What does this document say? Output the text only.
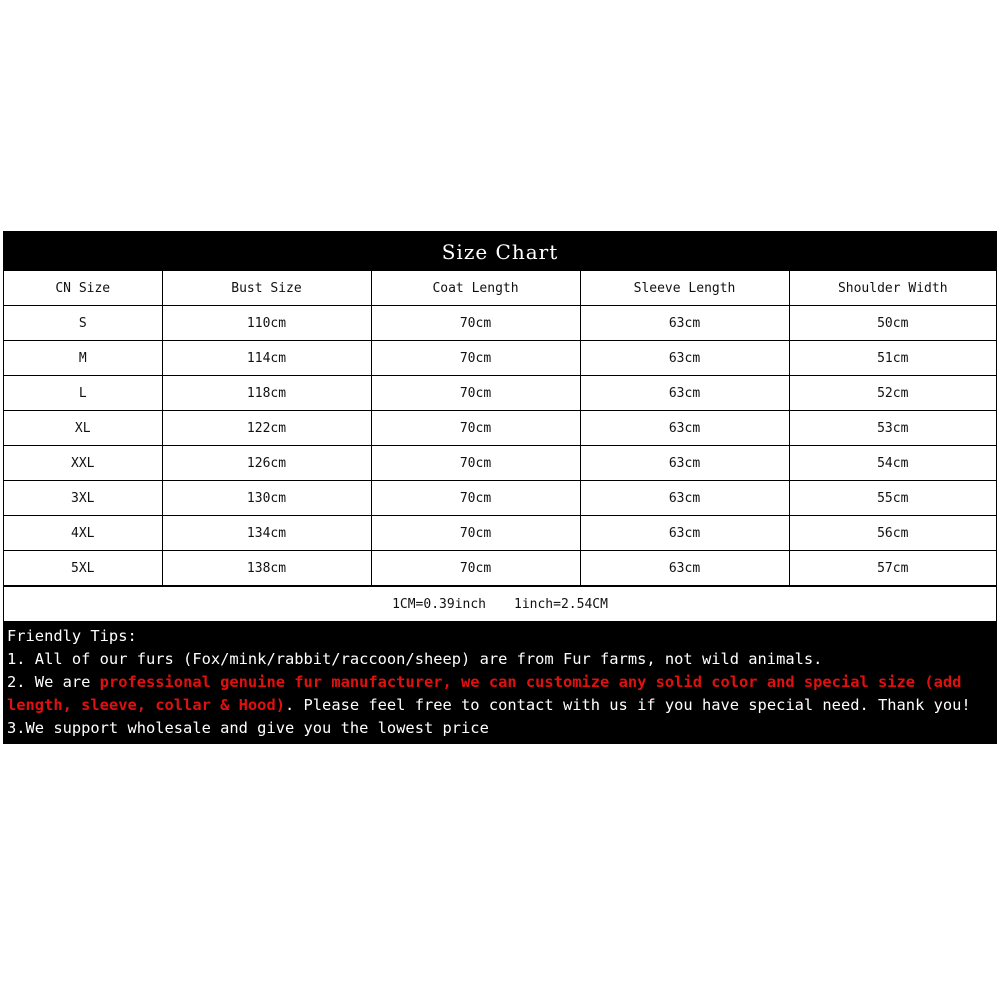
Size Chart
CN Size	Bust Size	Coat Length	Sleeve Length	Shoulder Width
S	110cm	70cm	63cm	50cm
M	114cm	70cm	63cm	51cm
L	118cm	70cm	63cm	52cm
XL	122cm	70cm	63cm	53cm
XXL	126cm	70cm	63cm	54cm
3XL	130cm	70cm	63cm	55cm
4XL	134cm	70cm	63cm	56cm
5XL	138cm	70cm	63cm	57cm
1CM=0.39inch 1inch=2.54CM

Friendly Tips:

1. All of our furs (Fox/mink/rabbit/raccoon/sheep) are from Fur farms, not wild animals.

2. We are professional genuine fur manufacturer, we can customize any solid color and special size (add length, sleeve, collar & Hood). Please feel free to contact with us if you have special need. Thank you!

3.We support wholesale and give you the lowest price
